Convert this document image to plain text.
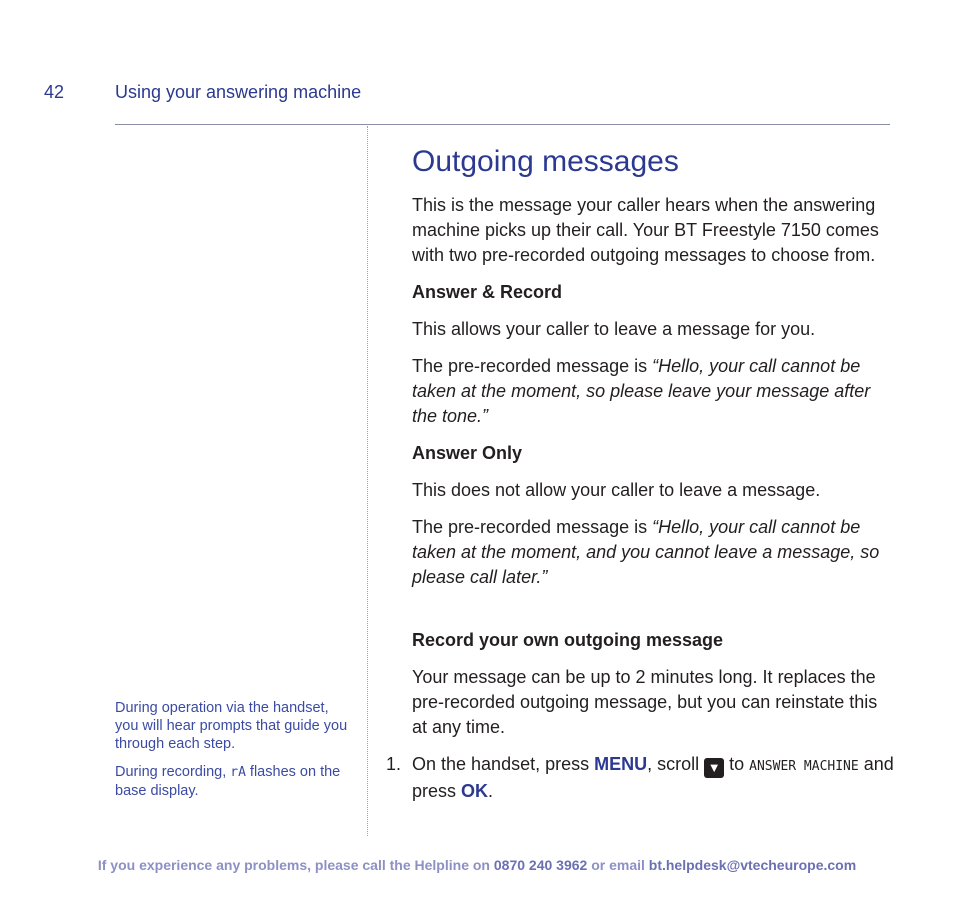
42	Using your answering machine

During operation via the handset, you will hear prompts that guide you through each step.

During recording, rA flashes on the base display.

Outgoing messages

This is the message your caller hears when the answering machine picks up their call. Your BT Freestyle 7150 comes with two pre-recorded outgoing messages to choose from.

Answer & Record

This allows your caller to leave a message for you.

The pre-recorded message is “Hello, your call cannot be taken at the moment, so please leave your message after the tone.”

Answer Only

This does not allow your caller to leave a message.

The pre-recorded message is “Hello, your call cannot be taken at the moment, and you cannot leave a message, so please call later.”

Record your own outgoing message

Your message can be up to 2 minutes long. It replaces the pre-recorded outgoing message, but you can reinstate this at any time.

1. On the handset, press MENU, scroll ▼ to ANSWER MACHINE and press OK.
If you experience any problems, please call the Helpline on 0870 240 3962 or email bt.helpdesk@vtecheurope.com
